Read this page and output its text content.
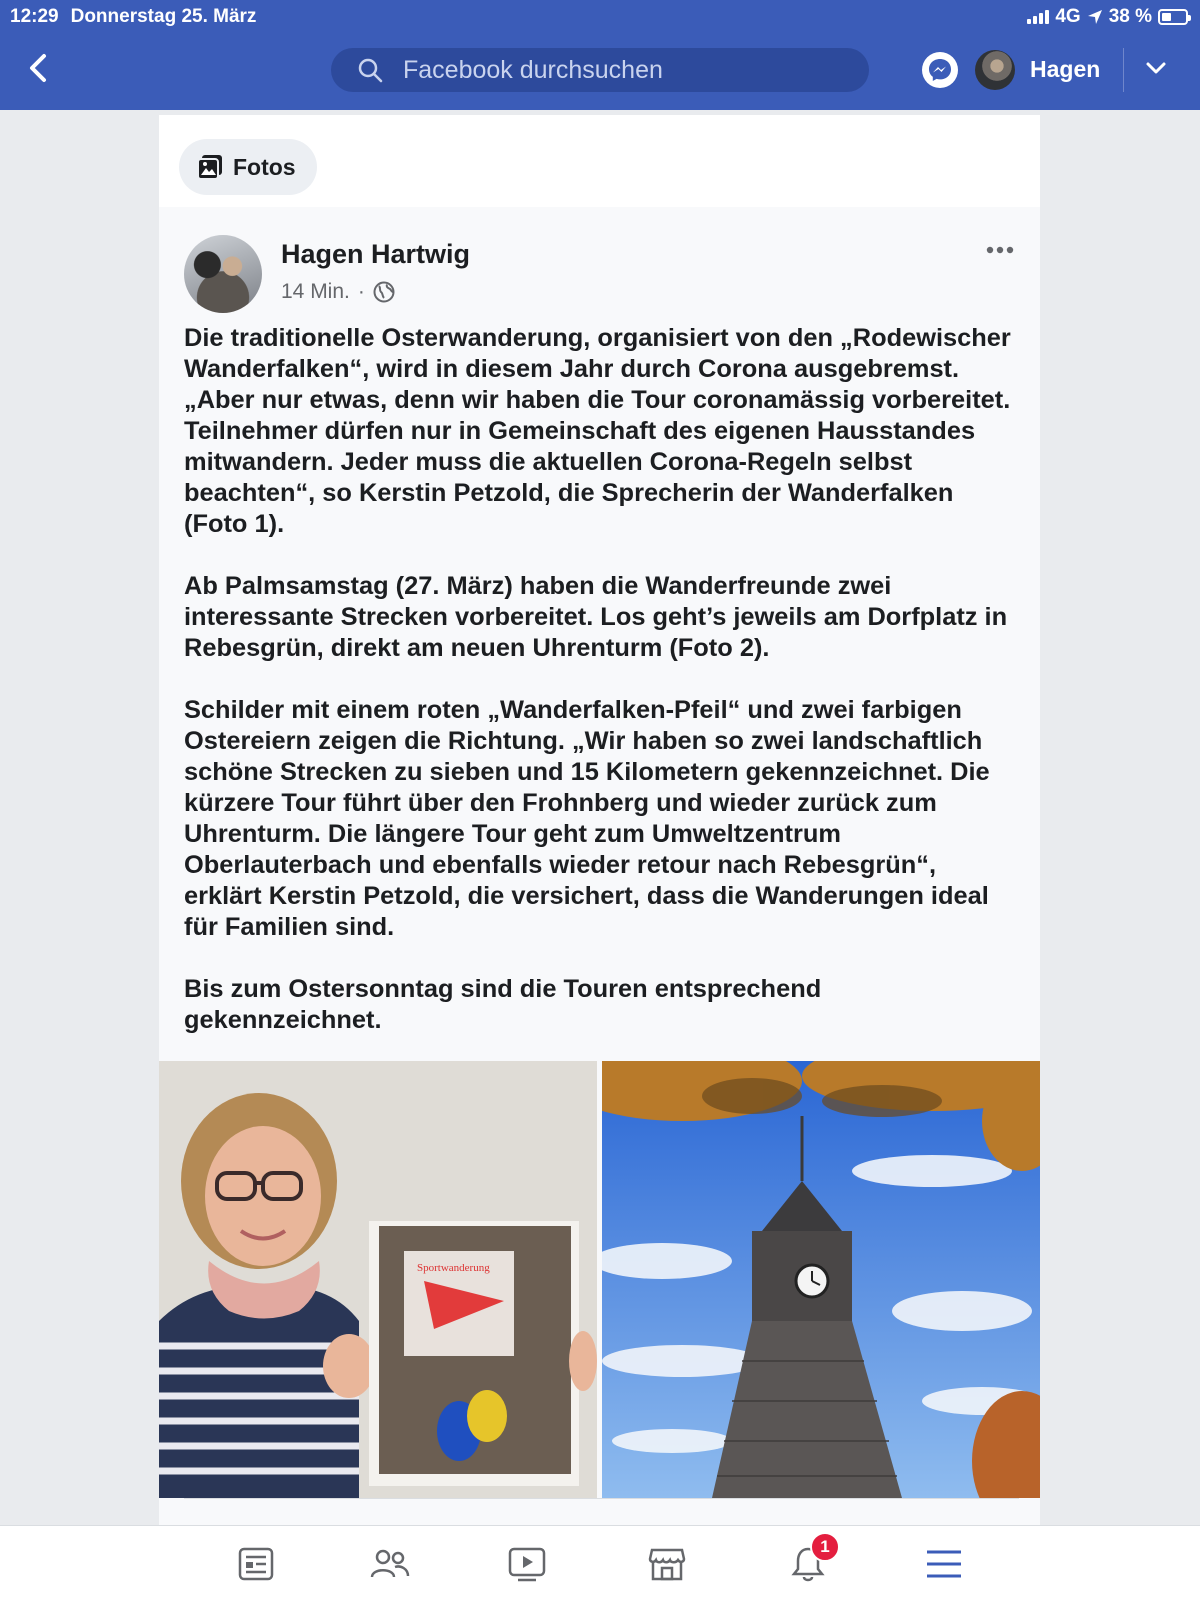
12:29 Donnerstag 25. März	4G 38 %
Facebook durchsuchen
Hagen
Fotos
Hagen Hartwig
14 Min. ·

Die traditionelle Osterwanderung, organisiert von den „Rodewischer Wanderfalken“, wird in diesem Jahr durch Corona ausgebremst. „Aber nur etwas, denn wir haben die Tour coronamässig vorbereitet. Teilnehmer dürfen nur in Gemeinschaft des eigenen Hausstandes mitwandern. Jeder muss die aktuellen Corona-Regeln selbst beachten“, so Kerstin Petzold, die Sprecherin der Wanderfalken (Foto 1).

Ab Palmsamstag (27. März) haben die Wanderfreunde zwei interessante Strecken vorbereitet. Los geht’s jeweils am Dorfplatz in Rebesgrün, direkt am neuen Uhrenturm (Foto 2).

Schilder mit einem roten „Wanderfalken-Pfeil“ und zwei farbigen Ostereiern zeigen die Richtung. „Wir haben so zwei landschaftlich schöne Strecken zu sieben und 15 Kilometern gekennzeichnet. Die kürzere Tour führt über den Frohnberg und wieder zurück zum Uhrenturm. Die längere Tour geht zum Umweltzentrum Oberlauterbach und ebenfalls wieder retour nach Rebesgrün“, erklärt Kerstin Petzold, die versichert, dass die Wanderungen ideal für Familien sind.

Bis zum Ostersonntag sind die Touren entsprechend gekennzeichnet.

Sportwanderung
1
